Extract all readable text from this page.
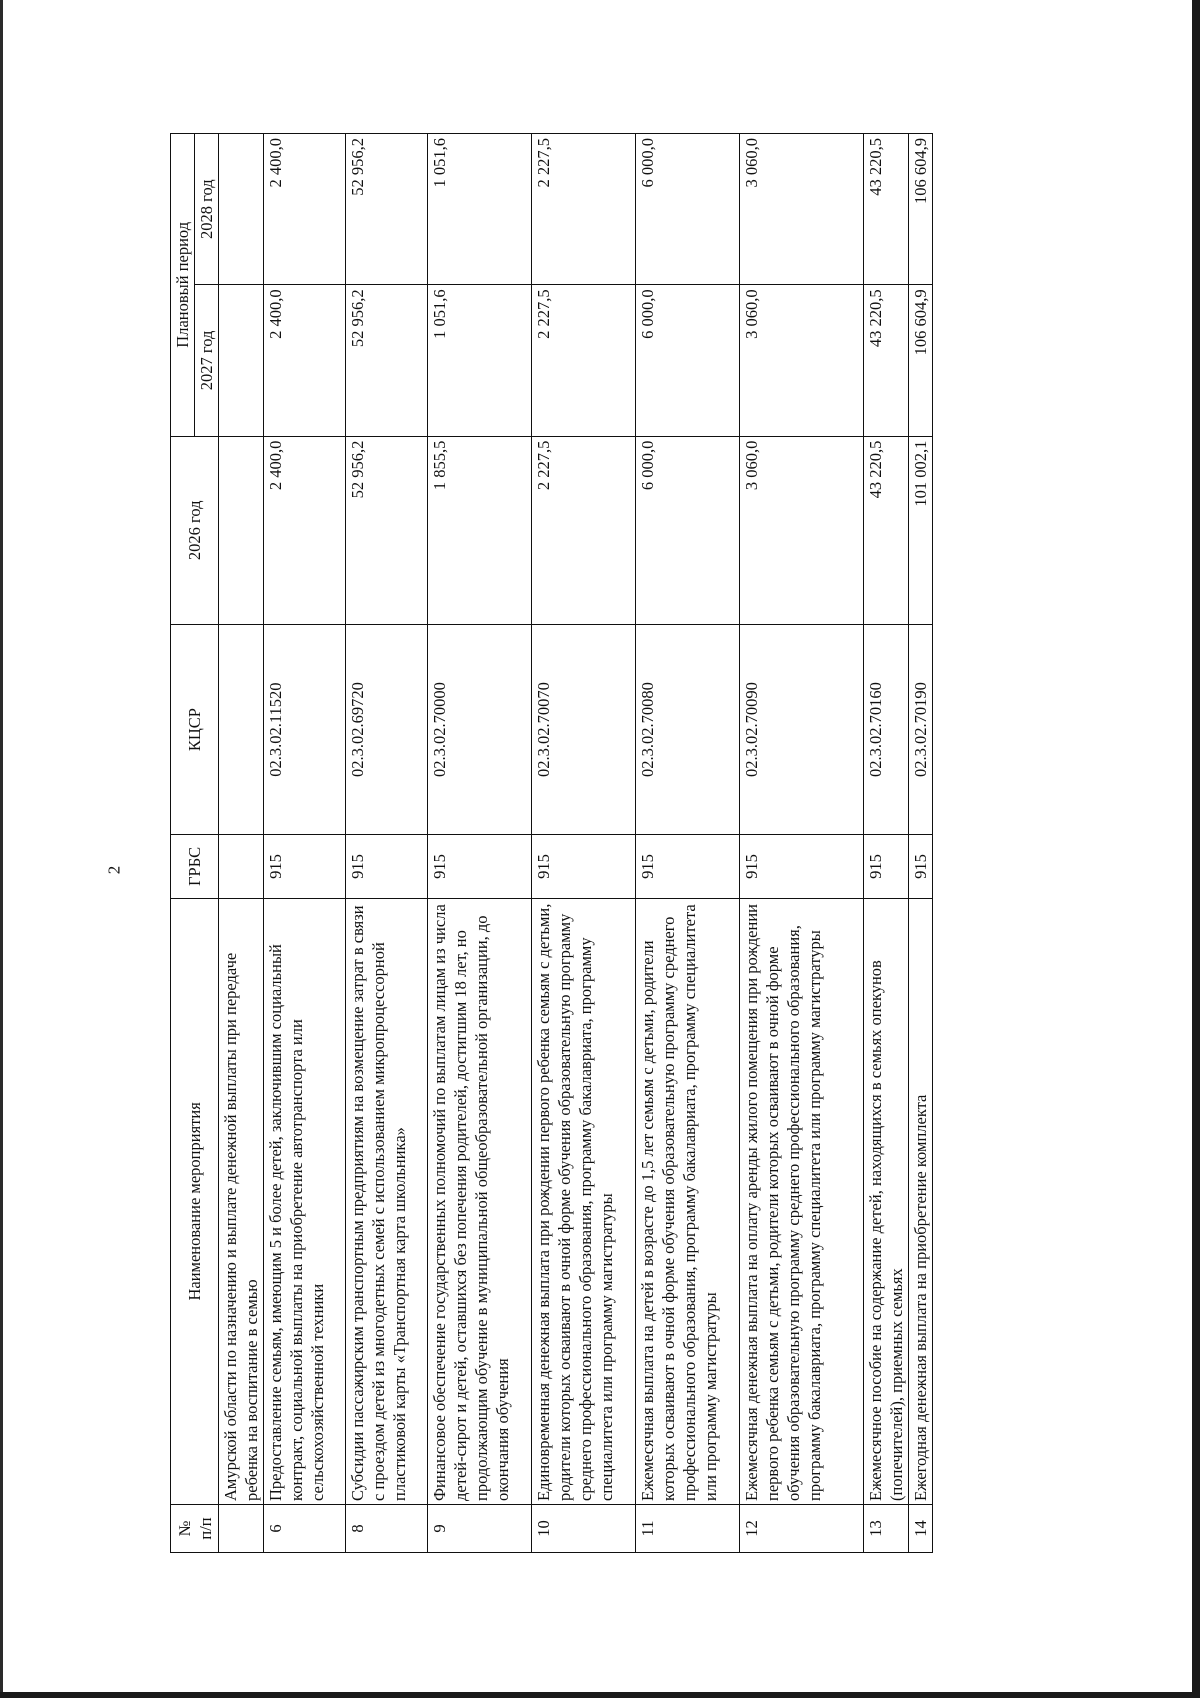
2
№ п/п	Наименование мероприятия	ГРБС	КЦСР	2026 год	Плановый период	
					2027 год	2028 год
	Амурской области по назначению и выплате денежной выплаты при передаче ребенка на воспитание в семью					
6	Предоставление семьям, имеющим 5 и более детей, заключившим социальный контракт, социальной выплаты на приобретение автотранспорта или сельскохозяйственной техники	915	02.3.02.11520	2 400,0	2 400,0	2 400,0
8	Субсидии пассажирским транспортным предприятиям на возмещение затрат в связи с проездом детей из многодетных семей с использованием микропроцессорной пластиковой карты «Транспортная карта школьника»	915	02.3.02.69720	52 956,2	52 956,2	52 956,2
9	Финансовое обеспечение государственных полномочий по выплатам лицам из числа детей-сирот и детей, оставшихся без попечения родителей, достигшим 18 лет, но продолжающим обучение в муниципальной общеобразовательной организации, до окончания обучения	915	02.3.02.70000	1 855,5	1 051,6	1 051,6
10	Единовременная денежная выплата при рождении первого ребенка семьям с детьми, родители которых осваивают в очной форме обучения образовательную программу среднего профессионального образования, программу бакалавриата, программу специалитета или программу магистратуры	915	02.3.02.70070	2 227,5	2 227,5	2 227,5
11	Ежемесячная выплата на детей в возрасте до 1,5 лет семьям с детьми, родители которых осваивают в очной форме обучения образовательную программу среднего профессионального образования, программу бакалавриата, программу специалитета или программу магистратуры	915	02.3.02.70080	6 000,0	6 000,0	6 000,0
12	Ежемесячная денежная выплата на оплату аренды жилого помещения при рождении первого ребенка семьям с детьми, родители которых осваивают в очной форме обучения образовательную программу среднего профессионального образования, программу бакалавриата, программу специалитета или программу магистратуры	915	02.3.02.70090	3 060,0	3 060,0	3 060,0
13	Ежемесячное пособие на содержание детей, находящихся в семьях опекунов (попечителей), приемных семьях	915	02.3.02.70160	43 220,5	43 220,5	43 220,5
14	Ежегодная денежная выплата на приобретение комплекта	915	02.3.02.70190	101 002,1	106 604,9	106 604,9
